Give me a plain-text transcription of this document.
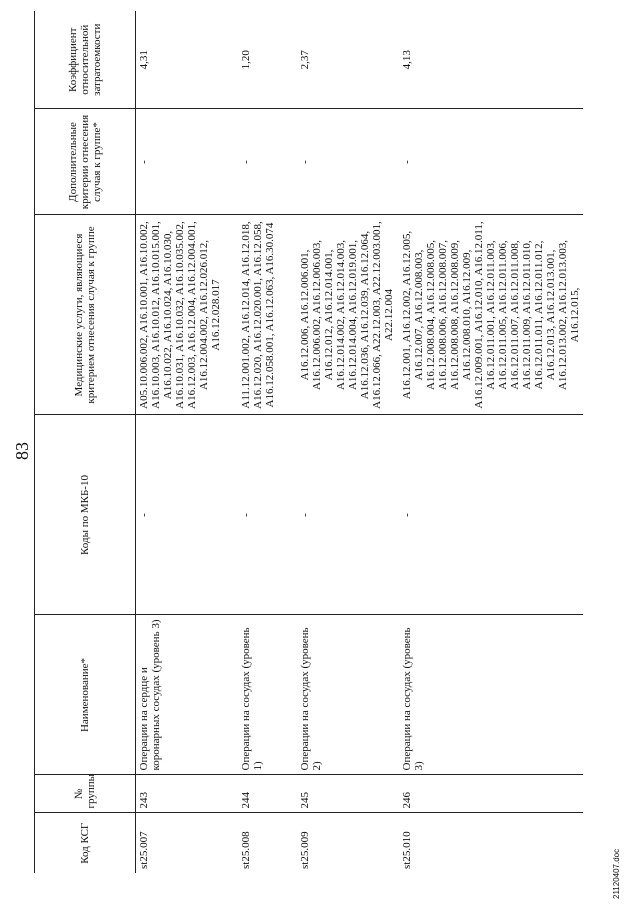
83
Код КСГ	№ группы	Наименование*	Коды по МКБ-10	Медицинские услуги, являющиеся критерием отнесения случая к группе	Дополнительные критерии отнесения случая к группе*	Коэффициент относительной затратоемкости
st25.007	243	Операции на сердце и коронарных сосудах (уровень 3)	-	A05.10.006.002, A16.10.001, A16.10.002, A16.10.003, A16.10.012, A16.10.015.001, A16.10.022, A16.10.024, A16.10.030, A16.10.031, A16.10.032, A16.10.035.002, A16.12.003, A16.12.004, A16.12.004.001, A16.12.004.002, A16.12.026.012, A16.12.028.017	-	4,31
st25.008	244	Операции на сосудах (уровень 1)	-	A11.12.001.002, A16.12.014, A16.12.018, A16.12.020, A16.12.020.001, A16.12.058, A16.12.058.001, A16.12.063, A16.30.074	-	1,20
st25.009	245	Операции на сосудах (уровень 2)	-	A16.12.006, A16.12.006.001, A16.12.006.002, A16.12.006.003, A16.12.012, A16.12.014.001, A16.12.014.002, A16.12.014.003, A16.12.014.004, A16.12.019.001, A16.12.036, A16.12.039, A16.12.064, A16.12.066, A22.12.003, A22.12.003.001, A22.12.004	-	2,37
st25.010	246	Операции на сосудах (уровень 3)	-	A16.12.001, A16.12.002, A16.12.005, A16.12.007, A16.12.008.003, A16.12.008.004, A16.12.008.005, A16.12.008.006, A16.12.008.007, A16.12.008.008, A16.12.008.009, A16.12.008.010, A16.12.009, A16.12.009.001, A16.12.010, A16.12.011, A16.12.011.001, A16.12.011.003, A16.12.011.005, A16.12.011.006, A16.12.011.007, A16.12.011.008, A16.12.011.009, A16.12.011.010, A16.12.011.011, A16.12.011.012, A16.12.013, A16.12.013.001, A16.12.013.002, A16.12.013.003, A16.12.015,	-	4,13
21120407.doc
